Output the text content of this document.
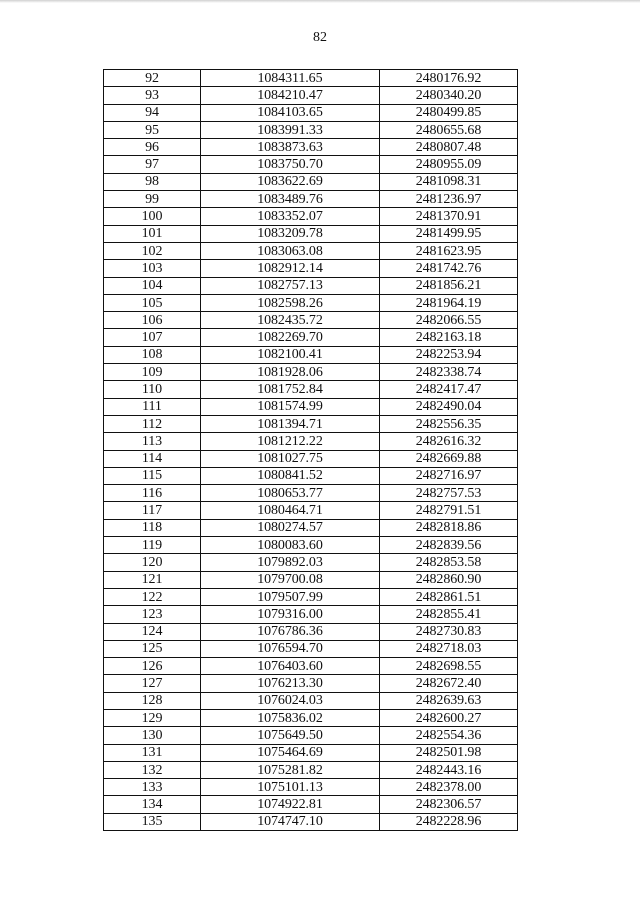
82
92	1084311.65	2480176.92
93	1084210.47	2480340.20
94	1084103.65	2480499.85
95	1083991.33	2480655.68
96	1083873.63	2480807.48
97	1083750.70	2480955.09
98	1083622.69	2481098.31
99	1083489.76	2481236.97
100	1083352.07	2481370.91
101	1083209.78	2481499.95
102	1083063.08	2481623.95
103	1082912.14	2481742.76
104	1082757.13	2481856.21
105	1082598.26	2481964.19
106	1082435.72	2482066.55
107	1082269.70	2482163.18
108	1082100.41	2482253.94
109	1081928.06	2482338.74
110	1081752.84	2482417.47
111	1081574.99	2482490.04
112	1081394.71	2482556.35
113	1081212.22	2482616.32
114	1081027.75	2482669.88
115	1080841.52	2482716.97
116	1080653.77	2482757.53
117	1080464.71	2482791.51
118	1080274.57	2482818.86
119	1080083.60	2482839.56
120	1079892.03	2482853.58
121	1079700.08	2482860.90
122	1079507.99	2482861.51
123	1079316.00	2482855.41
124	1076786.36	2482730.83
125	1076594.70	2482718.03
126	1076403.60	2482698.55
127	1076213.30	2482672.40
128	1076024.03	2482639.63
129	1075836.02	2482600.27
130	1075649.50	2482554.36
131	1075464.69	2482501.98
132	1075281.82	2482443.16
133	1075101.13	2482378.00
134	1074922.81	2482306.57
135	1074747.10	2482228.96
